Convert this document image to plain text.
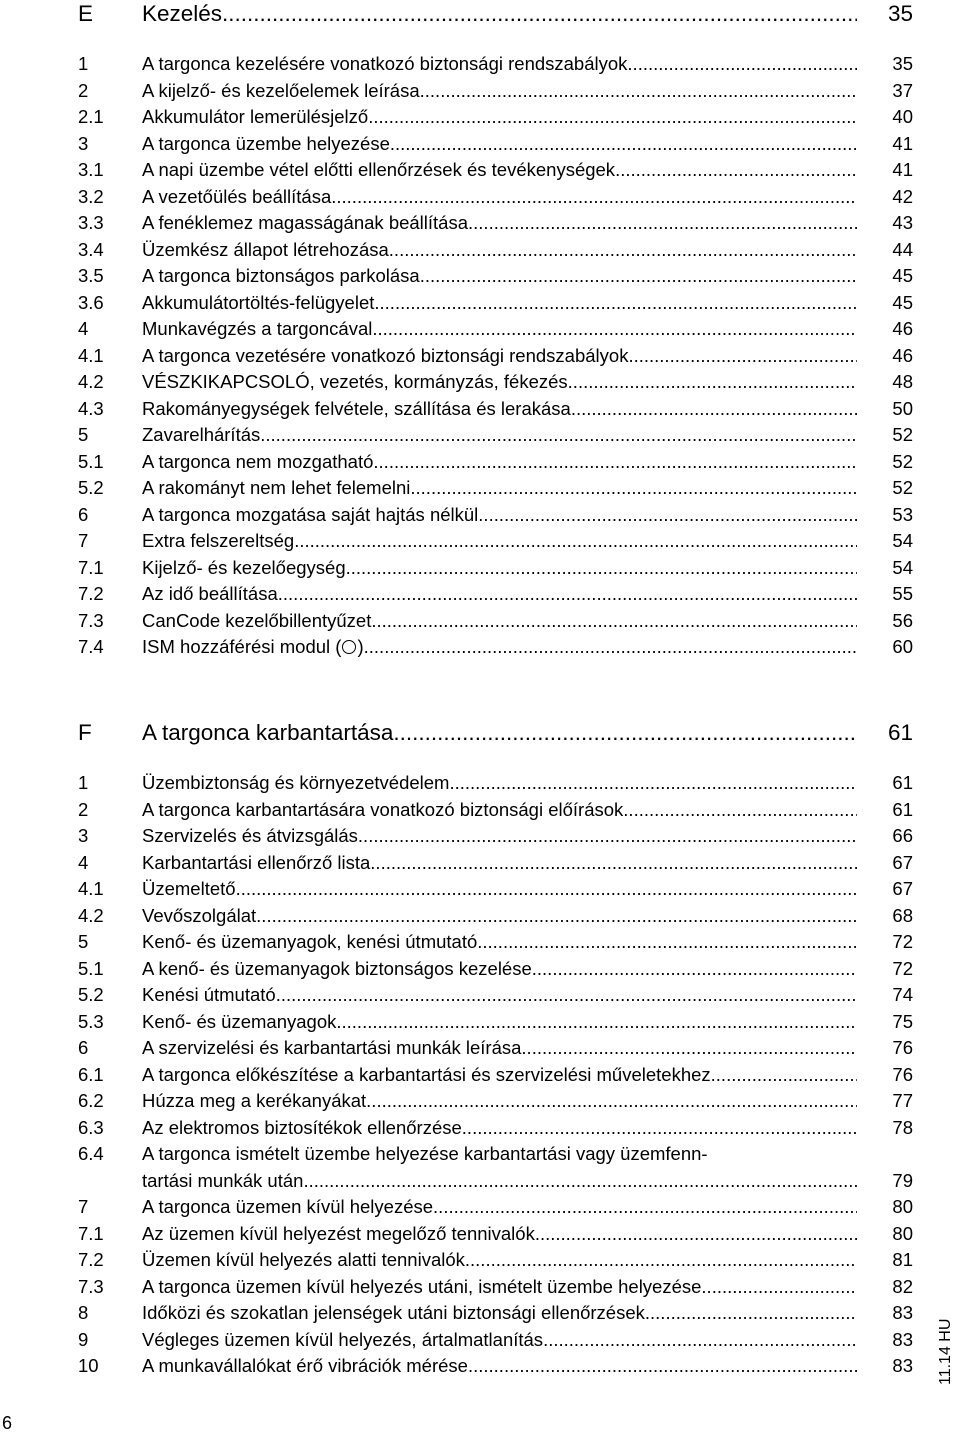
E	Kezelés .....	35
1	A targonca kezelésére vonatkozó biztonsági rendszabályok .....	35
2	A kijelző- és kezelőelemek leírása .....	37
2.1	Akkumulátor lemerülésjelző .....	40
3	A targonca üzembe helyezése .....	41
3.1	A napi üzembe vétel előtti ellenőrzések és tevékenységek .....	41
3.2	A vezetőülés beállítása .....	42
3.3	A fenéklemez magasságának beállítása .....	43
3.4	Üzemkész állapot létrehozása .....	44
3.5	A targonca biztonságos parkolása .....	45
3.6	Akkumulátortöltés-felügyelet .....	45
4	Munkavégzés a targoncával .....	46
4.1	A targonca vezetésére vonatkozó biztonsági rendszabályok .....	46
4.2	VÉSZKIKAPCSOLÓ, vezetés, kormányzás, fékezés .....	48
4.3	Rakományegységek felvétele, szállítása és lerakása .....	50
5	Zavarelhárítás .....	52
5.1	A targonca nem mozgatható .....	52
5.2	A rakományt nem lehet felemelni .....	52
6	A targonca mozgatása saját hajtás nélkül .....	53
7	Extra felszereltség .....	54
7.1	Kijelző- és kezelőegység .....	54
7.2	Az idő beállítása .....	55
7.3	CanCode kezelőbillentyűzet .....	56
7.4	ISM hozzáférési modul ( ) .....	60
F	A targonca karbantartása .....	61
1	Üzembiztonság és környezetvédelem .....	61
2	A targonca karbantartására vonatkozó biztonsági előírások .....	61
3	Szervizelés és átvizsgálás .....	66
4	Karbantartási ellenőrző lista .....	67
4.1	Üzemeltető .....	67
4.2	Vevőszolgálat .....	68
5	Kenő- és üzemanyagok, kenési útmutató .....	72
5.1	A kenő- és üzemanyagok biztonságos kezelése .....	72
5.2	Kenési útmutató .....	74
5.3	Kenő- és üzemanyagok .....	75
6	A szervizelési és karbantartási munkák leírása .....	76
6.1	A targonca előkészítése a karbantartási és szervizelési műveletekhez .....	76
6.2	Húzza meg a kerékanyákat .....	77
6.3	Az elektromos biztosítékok ellenőrzése .....	78
6.4	A targonca ismételt üzembe helyezése karbantartási vagy üzemfenn-
tartási munkák után .....	79
7	A targonca üzemen kívül helyezése .....	80
7.1	Az üzemen kívül helyezést megelőző tennivalók .....	80
7.2	Üzemen kívül helyezés alatti tennivalók .....	81
7.3	A targonca üzemen kívül helyezés utáni, ismételt üzembe helyezése .....	82
8	Időközi és szokatlan jelenségek utáni biztonsági ellenőrzések .....	83
9	Végleges üzemen kívül helyezés, ártalmatlanítás .....	83
10	A munkavállalókat érő vibrációk mérése .....	83 11.14 HU
6
